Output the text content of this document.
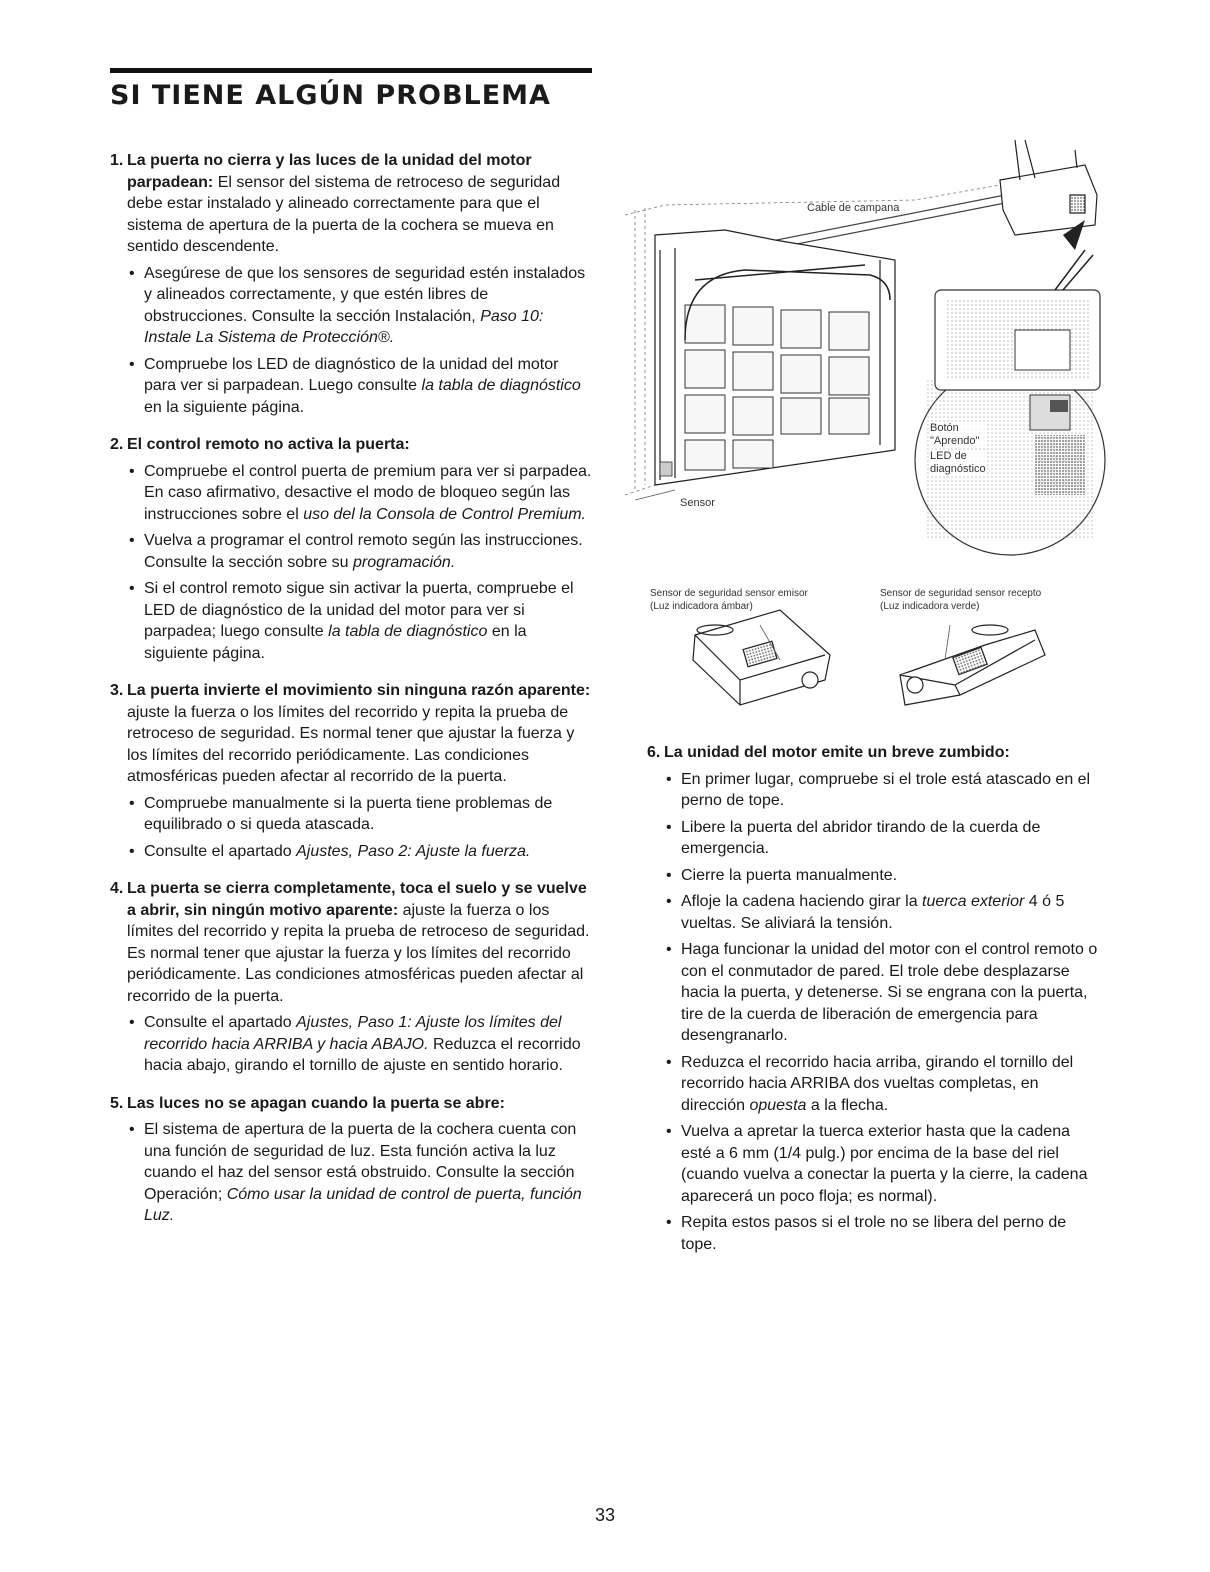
SI TIENE ALGÚN PROBLEMA
1. La puerta no cierra y las luces de la unidad del motor parpadean: El sensor del sistema de retroceso de seguridad debe estar instalado y alineado correctamente para que el sistema de apertura de la puerta de la cochera se mueva en sentido descendente.
• Asegúrese de que los sensores de seguridad estén instalados y alineados correctamente, y que estén libres de obstrucciones. Consulte la sección Instalación, Paso 10: Instale La Sistema de Protección®.
• Compruebe los LED de diagnóstico de la unidad del motor para ver si parpadean. Luego consulte la tabla de diagnóstico en la siguiente página.
2. El control remoto no activa la puerta:
• Compruebe el control puerta de premium para ver si parpadea. En caso afirmativo, desactive el modo de bloqueo según las instrucciones sobre el uso del la Consola de Control Premium.
• Vuelva a programar el control remoto según las instrucciones. Consulte la sección sobre su programación.
• Si el control remoto sigue sin activar la puerta, compruebe el LED de diagnóstico de la unidad del motor para ver si parpadea; luego consulte la tabla de diagnóstico en la siguiente página.
3. La puerta invierte el movimiento sin ninguna razón aparente: ajuste la fuerza o los límites del recorrido y repita la prueba de retroceso de seguridad. Es normal tener que ajustar la fuerza y los límites del recorrido periódicamente. Las condiciones atmosféricas pueden afectar al recorrido de la puerta.
• Compruebe manualmente si la puerta tiene problemas de equilibrado o si queda atascada.
• Consulte el apartado Ajustes, Paso 2: Ajuste la fuerza.
4. La puerta se cierra completamente, toca el suelo y se vuelve a abrir, sin ningún motivo aparente: ajuste la fuerza o los límites del recorrido y repita la prueba de retroceso de seguridad. Es normal tener que ajustar la fuerza y los límites del recorrido periódicamente. Las condiciones atmosféricas pueden afectar al recorrido de la puerta.
• Consulte el apartado Ajustes, Paso 1: Ajuste los límites del recorrido hacia ARRIBA y hacia ABAJO. Reduzca el recorrido hacia abajo, girando el tornillo de ajuste en sentido horario.
5. Las luces no se apagan cuando la puerta se abre:
• El sistema de apertura de la puerta de la cochera cuenta con una función de seguridad de luz. Esta función activa la luz cuando el haz del sensor está obstruido. Consulte la sección Operación; Cómo usar la unidad de control de puerta, función Luz.
6. La unidad del motor emite un breve zumbido:
• En primer lugar, compruebe si el trole está atascado en el perno de tope.
• Libere la puerta del abridor tirando de la cuerda de emergencia.
• Cierre la puerta manualmente.
• Afloje la cadena haciendo girar la tuerca exterior 4 ó 5 vueltas. Se aliviará la tensión.
• Haga funcionar la unidad del motor con el control remoto o con el conmutador de pared. El trole debe desplazarse hacia la puerta, y detenerse. Si se engrana con la puerta, tire de la cuerda de liberación de emergencia para desengranarlo.
• Reduzca el recorrido hacia arriba, girando el tornillo del recorrido hacia ARRIBA dos vueltas completas, en dirección opuesta a la flecha.
• Vuelva a apretar la tuerca exterior hasta que la cadena esté a 6 mm (1/4 pulg.) por encima de la base del riel (cuando vuelva a conectar la puerta y la cierre, la cadena aparecerá un poco floja; es normal).
• Repita estos pasos si el trole no se libera del perno de tope.
Cable de campana
Sensor
Botón "Aprendo"
LED de diagnóstico
Sensor de seguridad sensor emisor
(Luz indicadora ámbar)
Sensor de seguridad sensor recepto
(Luz indicadora verde)
33
